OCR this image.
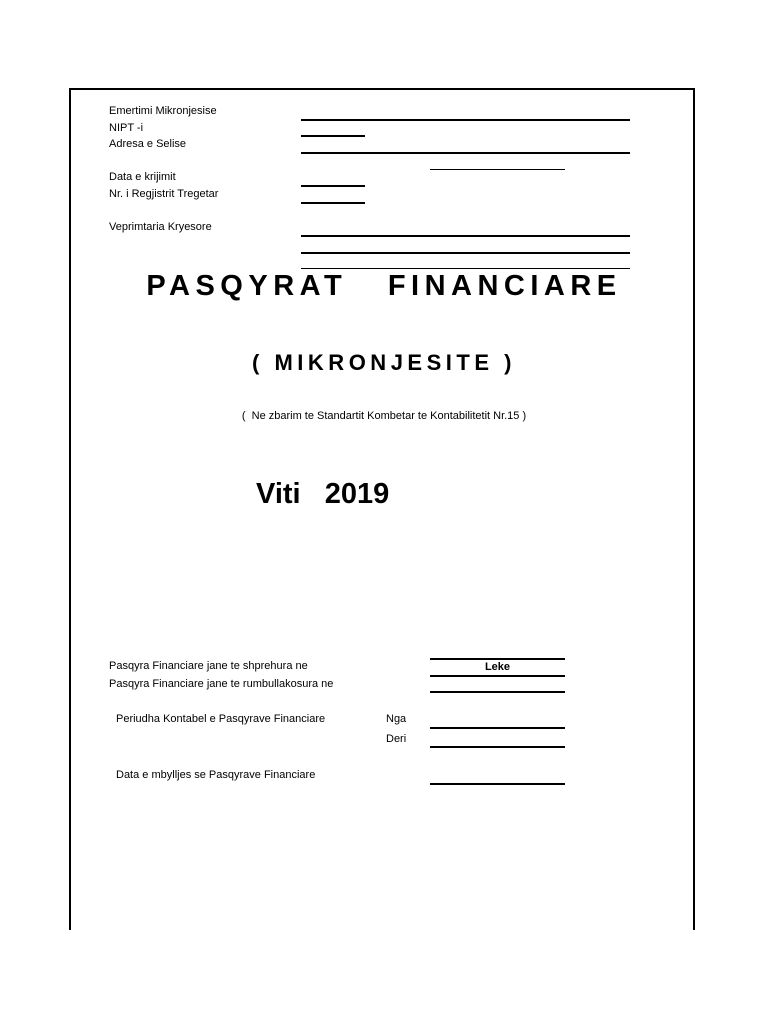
Emertimi Mikronjesise
NIPT -i
Adresa e Selise
Data e krijimit
Nr. i Regjistrit Tregetar
Veprimtaria Kryesore
PASQYRAT   FINANCIARE
( MIKRONJESITE )
(  Ne zbarim te Standartit Kombetar te Kontabilitetit Nr.15 )
Viti   2019
Pasqyra Financiare jane te shprehura ne	Leke
Pasqyra Financiare jane te rumbullakosura ne
Periudha Kontabel e Pasqyrave Financiare	Nga
Deri
Data e mbylljes se Pasqyrave Financiare
